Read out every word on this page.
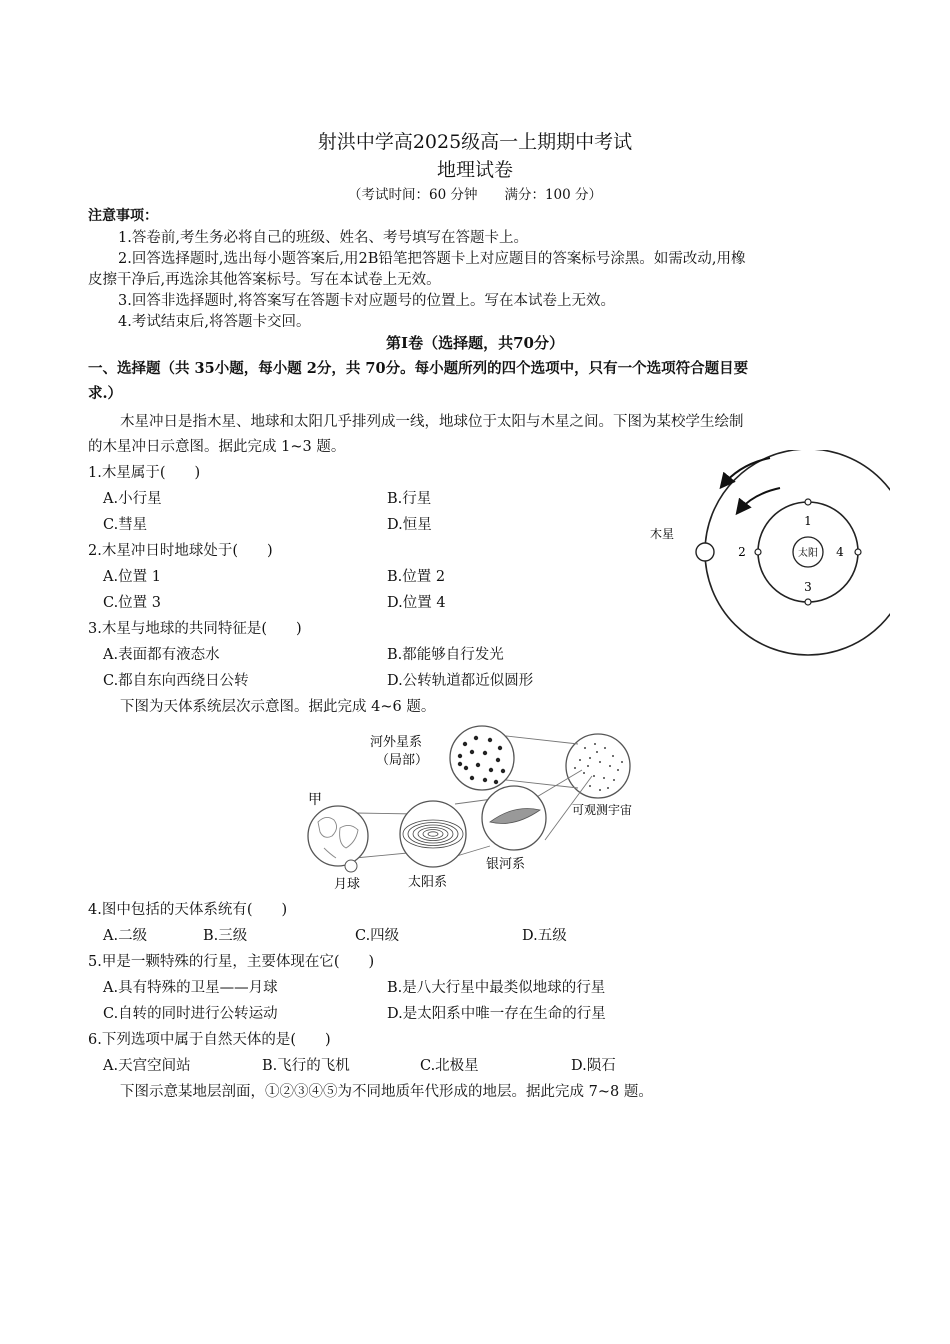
射洪中学高2025级高一上期期中考试
地理试卷
（考试时间：60 分钟　　满分：100 分）
注意事项：
1.答卷前,考生务必将自己的班级、姓名、考号填写在答题卡上。
2.回答选择题时,选出每小题答案后,用2B铅笔把答题卡上对应题目的答案标号涂黑。如需改动,用橡
皮擦干净后,再选涂其他答案标号。写在本试卷上无效。
3.回答非选择题时,将答案写在答题卡对应题号的位置上。写在本试卷上无效。
4.考试结束后,将答题卡交回。
第Ⅰ卷（选择题，共70分）
一、选择题（共 35小题，每小题 2分，共 70分。每小题所列的四个选项中，只有一个选项符合题目要
求.）
木星冲日是指木星、地球和太阳几乎排列成一线，地球位于太阳与木星之间。下图为某校学生绘制
的木星冲日示意图。据此完成 1~3 题。
1.木星属于(　　)
A.小行星	B.行星
C.彗星	D.恒星
2.木星冲日时地球处于(　　)
A.位置 1	B.位置 2
C.位置 3	D.位置 4
3.木星与地球的共同特征是(　　)
A.表面都有液态水	B.都能够自行发光
C.都自东向西绕日公转	D.公转轨道都近似圆形
下图为天体系统层次示意图。据此完成 4~6 题。
木星
太阳
1
2
3
4
河外星系
（局部）
可观测宇宙
甲
月球	太阳系
银河系
4.图中包括的天体系统有(　　)
A.二级	B.三级	C.四级	D.五级
5.甲是一颗特殊的行星，主要体现在它(　　)
A.具有特殊的卫星——月球	B.是八大行星中最类似地球的行星
C.自转的同时进行公转运动	D.是太阳系中唯一存在生命的行星
6.下列选项中属于自然天体的是(　　)
A.天宫空间站	B.飞行的飞机	C.北极星	D.陨石
下图示意某地层剖面，①②③④⑤为不同地质年代形成的地层。据此完成 7~8 题。
